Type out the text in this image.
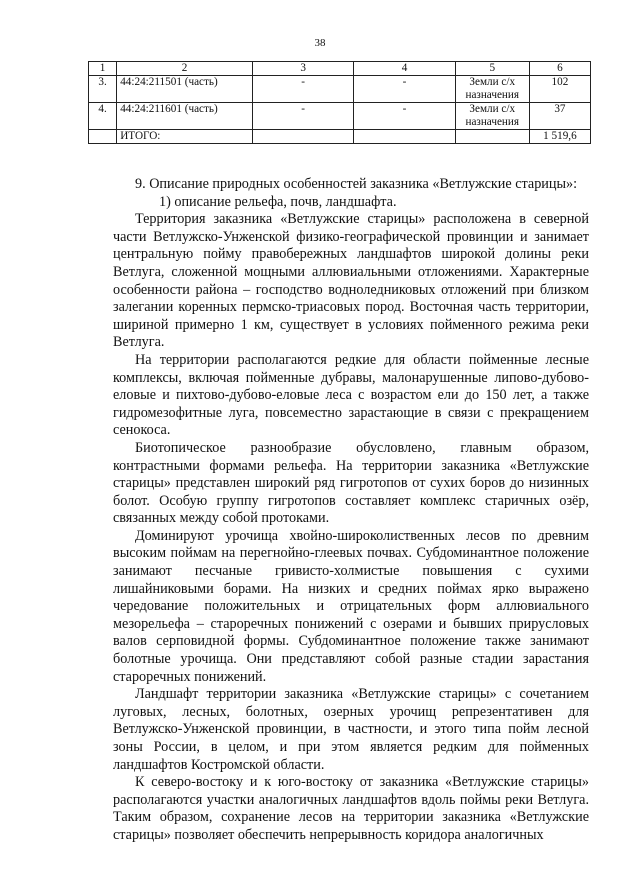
38
1	2	3	4	5	6
3.	44:24:211501 (часть)	-	-	Земли с/х назначения	102
4.	44:24:211601 (часть)	-	-	Земли с/х назначения	37
	ИТОГО:				1 519,6

9. Описание природных особенностей заказника «Ветлужские старицы»:

1) описание рельефа, почв, ландшафта.

Территория заказника «Ветлужские старицы» расположена в северной части Ветлужско-Унженской физико-географической провинции и занимает центральную пойму правобережных ландшафтов широкой долины реки Ветлуга, сложенной мощными аллювиальными отложениями. Характерные особенности района – господство водноледниковых отложений при близком залегании коренных пермско-триасовых пород. Восточная часть территории, шириной примерно 1 км, существует в условиях пойменного режима реки Ветлуга.

На территории располагаются редкие для области пойменные лесные комплексы, включая пойменные дубравы, малонарушенные липово-дубово-еловые и пихтово-дубово-еловые леса с возрастом ели до 150 лет, а также гидромезофитные луга, повсеместно зарастающие в связи с прекращением сенокоса.

Биотопическое разнообразие обусловлено, главным образом, контрастными формами рельефа. На территории заказника «Ветлужские старицы» представлен широкий ряд гигротопов от сухих боров до низинных болот. Особую группу гигротопов составляет комплекс старичных озёр, связанных между собой протоками.

Доминируют урочища хвойно-широколиственных лесов по древним высоким поймам на перегнойно-глеевых почвах. Субдоминантное положение занимают песчаные гривисто-холмистые повышения с сухими лишайниковыми борами. На низких и средних поймах ярко выражено чередование положительных и отрицательных форм аллювиального мезорельефа – староречных понижений с озерами и бывших прирусловых валов серповидной формы. Субдоминантное положение также занимают болотные урочища. Они представляют собой разные стадии зарастания староречных понижений.

Ландшафт территории заказника «Ветлужские старицы» с сочетанием луговых, лесных, болотных, озерных урочищ репрезентативен для Ветлужско-Унженской провинции, в частности, и этого типа пойм лесной зоны России, в целом, и при этом является редким для пойменных ландшафтов Костромской области.

К северо-востоку и к юго-востоку от заказника «Ветлужские старицы» располагаются участки аналогичных ландшафтов вдоль поймы реки Ветлуга. Таким образом, сохранение лесов на территории заказника «Ветлужские старицы» позволяет обеспечить непрерывность коридора аналогичных
